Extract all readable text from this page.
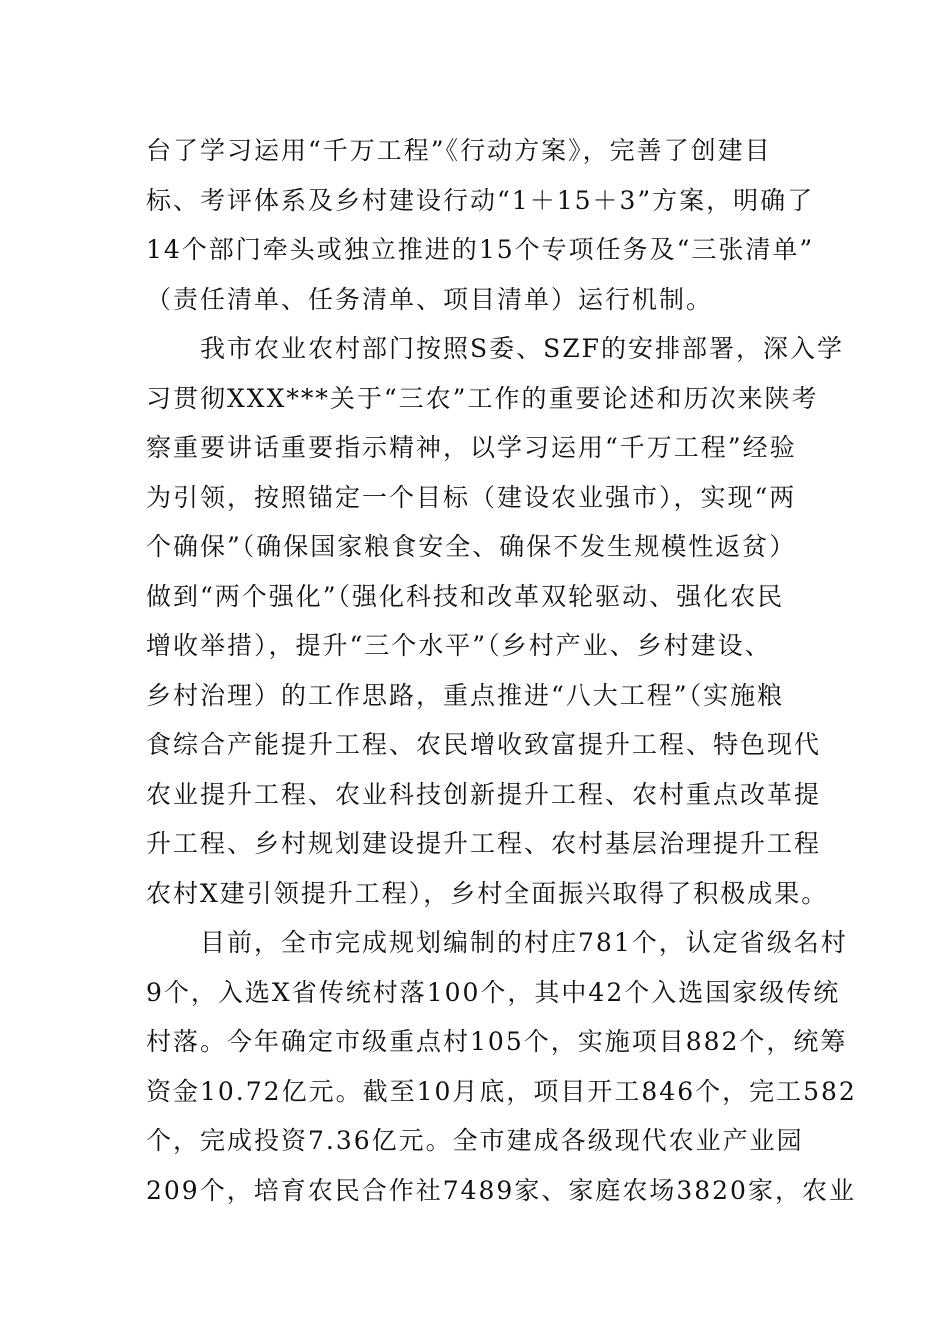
台了学习运用“千万工程”《行动方案》，完善了创建目
标、考评体系及乡村建设行动“1＋15＋3”方案，明确了
14个部门牵头或独立推进的15个专项任务及“三张清单”
（责任清单、任务清单、项目清单）运行机制。
　　我市农业农村部门按照S委、SZF的安排部署，深入学
习贯彻XXX***关于“三农”工作的重要论述和历次来陕考
察重要讲话重要指示精神，以学习运用“千万工程”经验
为引领，按照锚定一个目标（建设农业强市），实现“两
个确保”（确保国家粮食安全、确保不发生规模性返贫）
做到“两个强化”（强化科技和改革双轮驱动、强化农民
增收举措），提升“三个水平”（乡村产业、乡村建设、
乡村治理）的工作思路，重点推进“八大工程”（实施粮
食综合产能提升工程、农民增收致富提升工程、特色现代
农业提升工程、农业科技创新提升工程、农村重点改革提
升工程、乡村规划建设提升工程、农村基层治理提升工程
农村X建引领提升工程），乡村全面振兴取得了积极成果。
　　目前，全市完成规划编制的村庄781个，认定省级名村
9个，入选X省传统村落100个，其中42个入选国家级传统
村落。今年确定市级重点村105个，实施项目882个，统筹
资金10.72亿元。截至10月底，项目开工846个，完工582
个，完成投资7.36亿元。全市建成各级现代农业产业园
209个，培育农民合作社7489家、家庭农场3820家，农业
